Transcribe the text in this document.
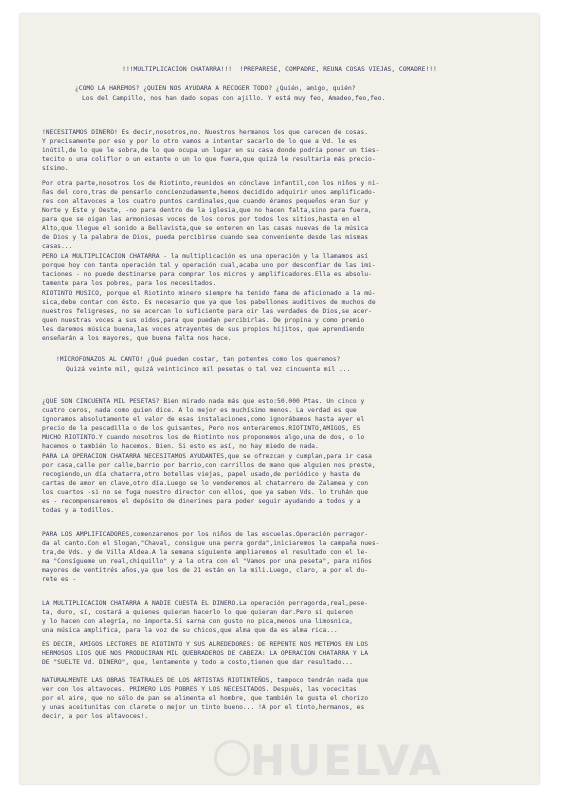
HUELVA
!!!MULTIPLICACION CHATARRA!!!  !PREPARESE, COMPADRE, REUNA COSAS VIEJAS, COMADRE!!!
¿COMO LA HAREMOS? ¿QUIEN NOS AYUDARA A RECOGER TODO? ¿Quién, amigo, quién?
Los del Campillo, nos han dado sopas con ajillo. Y está muy feo, Amadeo,feo,feo.
!NECESITAMOS DINERO! Es decir,nosotros,no. Nuestros hermanos los que carecen de cosas.
Y precisamente por eso y por lo otro vamos a intentar sacarlo de lo que a Vd. le es
inútil,de lo que le sobra,de lo que ocupa un lugar en su casa donde podría poner un ties-
tecito o una coliflor o un estante o un lo que fuera,que quizá le resultaría más precio-
sísimo.
Por otra parte,nosotros los de Riotinto,reunidos en cónclave infantil,con los niños y ni-
ñas del coro,tras de pensarlo concienzudamente,hemos decidido adquirir unos amplificado-
res con altavoces a los cuatro puntos cardinales,que cuando éramos pequeños eran Sur y
Norte y Este y Oeste, -no para dentro de la iglesia,que no hacen falta,sino para fuera,
para que se oigan las armoniosas voces de los coros por todos los sitios,hasta en el
Alto,que llegue el sonido a Bellavista,que se enteren en las casas nuevas de la música
de Dios y la palabra de Dios, pueda percibirse cuando sea conveniente desde las mismas
casas...
PERO LA MULTIPLICACION CHATARRA - la multiplicación es una operación y la llamamos así
porque hoy con tanta operación tal y operación cual,acaba uno por desconfiar de las imi-
taciones - no puede destinarse para comprar los micros y amplificadores.Ella es absolu-
tamente para los pobres, para los necesitados.
RIOTINTO MUSICO, porque el Riotinto minero siempre ha tenido fama de aficionado a la mú-
sica,debe contar con ésto. Es necesario que ya que los pabellones auditivos de muchos de
nuestros feligreses, no se acercan lo suficiente para oir las verdades de Dios,se acer-
quen nuestras voces a sus oídos,para que puedan percibirlas. De propina y como premio
les daremos música buena,las voces atrayentes de sus propios hijitos, que aprendiendo
enseñarán a los mayores, que buena falta nos hace.
!MICROFONAZOS AL CANTO! ¿Qué pueden costar, tan potentes como los queremos?
Quizá veinte mil, quizá veinticinco mil pesetas o tal vez cincuenta mil ...
¿QUE SON CINCUENTA MIL PESETAS? Bien mirado nada más que esto:50.000 Ptas. Un cinco y
cuatro ceros, nada como quien dice. A lo mejor es muchísimo menos. La verdad es que
ignoramos absolutamente el valor de esas instalaciones,como ignorábamos hasta ayer el
precio de la pescadilla o de los guisantes, Pero nos enteraremos.RIOTINTO,AMIGOS, ES
MUCHO RIOTINTO.Y cuando nosotros los de Riotinto nos proponemos algo,una de dos, o lo
hacemos o también lo hacemos. Bien. Si esto es así, no hay miedo de nada.
PARA LA OPERACION CHATARRA NECESITAMOS AYUDANTES,que se ofrezcan y cumplan,para ir casa
por casa,calle por calle,barrio por barrio,con carrillos de mano que alguien nos preste,
recogiendo,un día chatarra,otro botellas viejas, papel usado,de periódico y hasta de
cartas de amor en clave,otro día.Luego se lo venderemos al chatarrero de Zalamea y con
los cuartos -si no se fuga nuestro director con ellos, que ya saben Vds. lo truhán que
es - recompensaremos el depósito de dinerines para poder seguir ayudando a todos y a
todas y a todillos.
PARA LOS AMPLIFICADORES,comenzaremos por los niños de las escuelas.Operación perragor-
da al canto.Con el Slogan,"Chaval, consigue una perra gorda",iniciaremos la campaña nues-
tra,de Vds. y de Villa Aldea.A la semana siguiente ampliaremos el resultado con el le-
ma "Consígueme un real,chiquillo" y a la otra con el "Vamos por una peseta", para niños
mayores de ventitrés años,ya que los de 21 están en la mili.Luego, claro, a por el du-
rete es -
LA MULTIPLICACION CHATARRA A NADIE CUESTA EL DINERO.La operación perragorda,real,pese-
ta, duro, sí, costará a quienes quieran hacerlo lo que quieran dar.Pero si quieren
y lo hacen con alegría, no importa.Si sarna con gusto no pica,menos una limosnica,
una música amplifica, para la voz de su chicos,que alma que da es alma rica...
ES DECIR, AMIGOS LECTORES DE RIOTINTO Y SUS ALREDEDORES: DE REPENTE NOS METEMOS EN LOS
HERMOSOS LIOS QUE NOS PRODUCIRAN MIL QUEBRADEROS DE CABEZA: LA OPERACION CHATARRA Y LA
DE "SUELTE Vd. DINERO", que, lentamente y todo a costo,tienen que dar resultado...
NATURALMENTE LAS OBRAS TEATRALES DE LOS ARTISTAS RIOTINTEÑOS, tampoco tendrán nada que
ver con los altavoces. PRIMERO LOS POBRES Y LOS NECESITADOS. Después, las vocecitas
por el aire, que no sólo de pan se alimenta el hombre, que también le gusta el chorizo
y unas aceitunitas con clarete o mejor un tinto bueno... !A por el tinto,hermanos, es
decir, a por los altavoces!.
